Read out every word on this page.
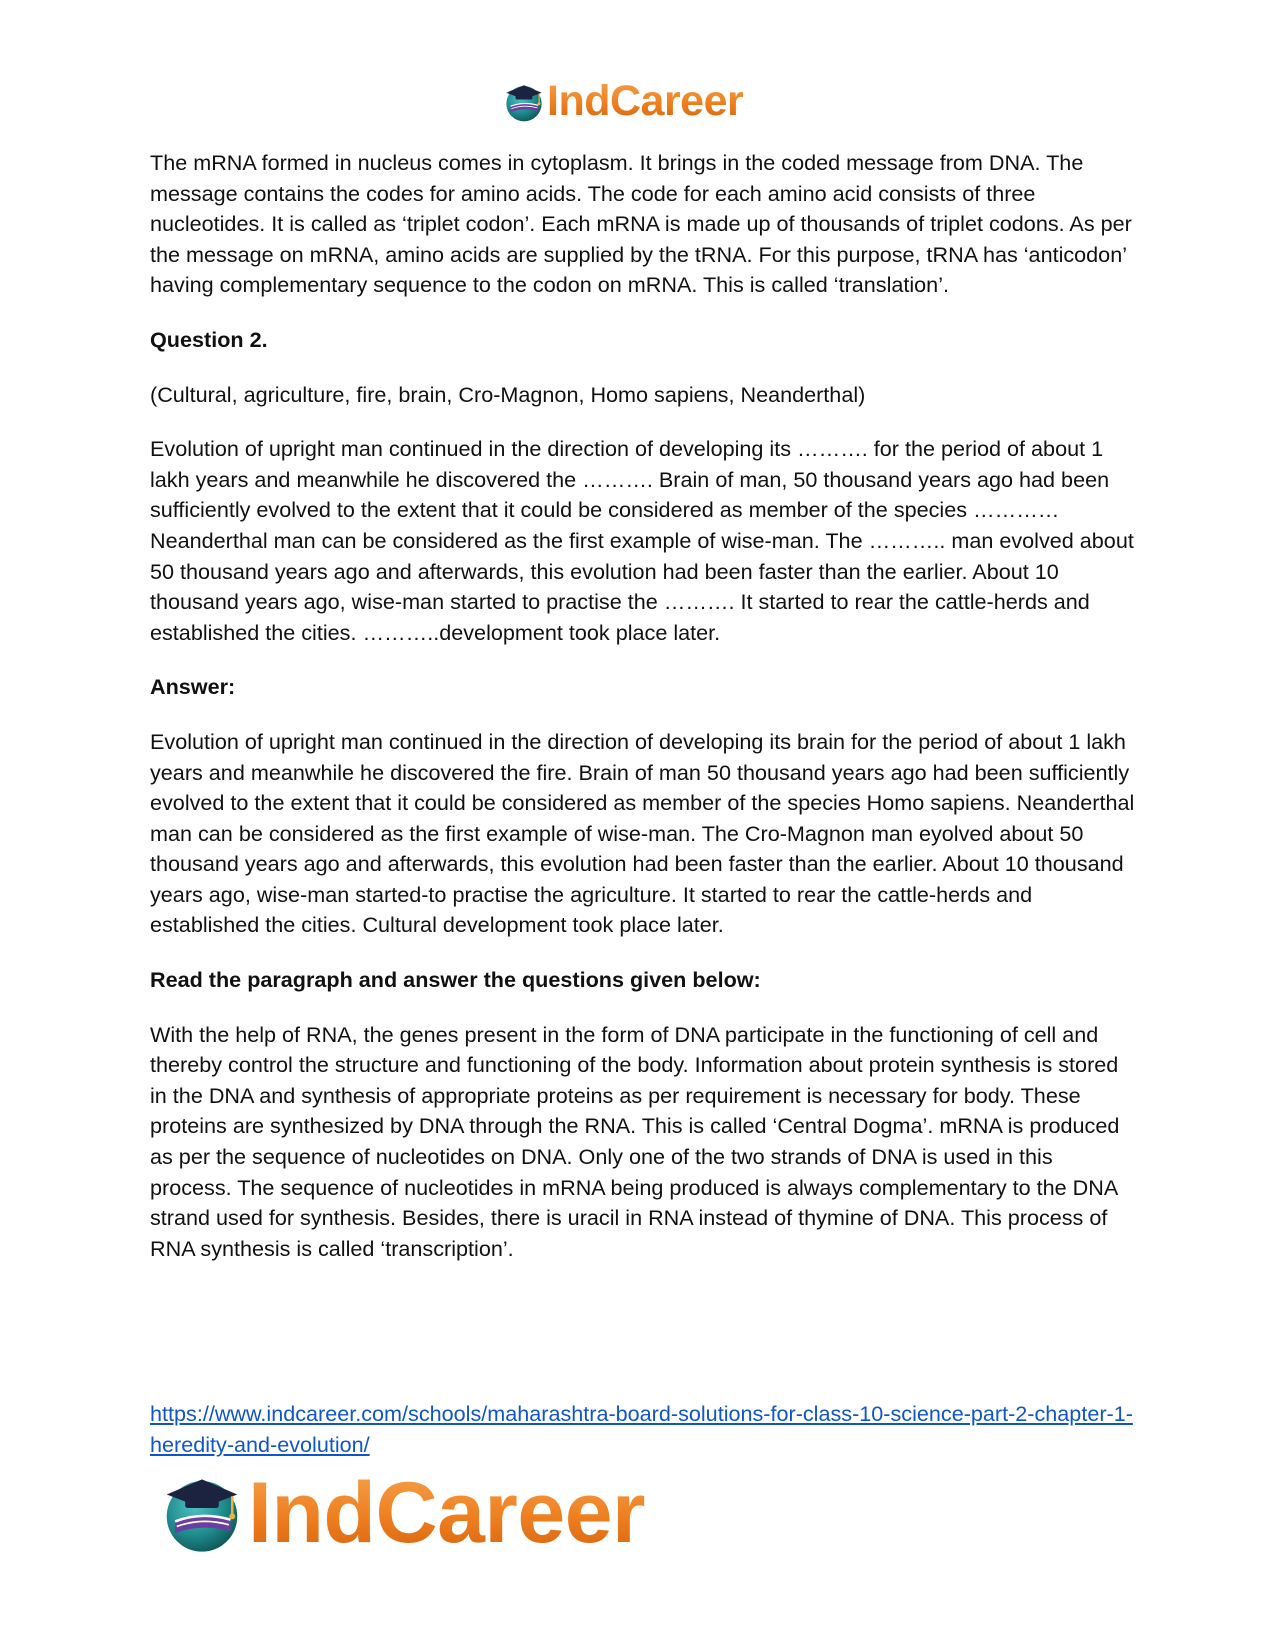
IndCareer

The mRNA formed in nucleus comes in cytoplasm. It brings in the coded message from DNA. The message contains the codes for amino acids. The code for each amino acid consists of three nucleotides. It is called as ‘triplet codon’. Each mRNA is made up of thousands of triplet codons. As per the message on mRNA, amino acids are supplied by the tRNA. For this purpose, tRNA has ‘anticodon’ having complementary sequence to the codon on mRNA. This is called ‘translation’.

Question 2.

(Cultural, agriculture, fire, brain, Cro-Magnon, Homo sapiens, Neanderthal)

Evolution of upright man continued in the direction of developing its ………. for the period of about 1 lakh years and meanwhile he discovered the ………. Brain of man, 50 thousand years ago had been sufficiently evolved to the extent that it could be considered as member of the species ………… Neanderthal man can be considered as the first example of wise-man. The ……….. man evolved about 50 thousand years ago and afterwards, this evolution had been faster than the earlier. About 10 thousand years ago, wise-man started to practise the ………. It started to rear the cattle-herds and established the cities. ………..development took place later.

Answer:

Evolution of upright man continued in the direction of developing its brain for the period of about 1 lakh years and meanwhile he discovered the fire. Brain of man 50 thousand years ago had been sufficiently evolved to the extent that it could be considered as member of the species Homo sapiens. Neanderthal man can be considered as the first example of wise-man. The Cro-Magnon man eyolved about 50 thousand years ago and afterwards, this evolution had been faster than the earlier. About 10 thousand years ago, wise-man started-to practise the agriculture. It started to rear the cattle-herds and established the cities. Cultural development took place later.

Read the paragraph and answer the questions given below:

With the help of RNA, the genes present in the form of DNA participate in the functioning of cell and thereby control the structure and functioning of the body. Information about protein synthesis is stored in the DNA and synthesis of appropriate proteins as per requirement is necessary for body. These proteins are synthesized by DNA through the RNA. This is called ‘Central Dogma’. mRNA is produced as per the sequence of nucleotides on DNA. Only one of the two strands of DNA is used in this process. The sequence of nucleotides in mRNA being produced is always complementary to the DNA strand used for synthesis. Besides, there is uracil in RNA instead of thymine of DNA. This process of RNA synthesis is called ‘transcription’.

https://www.indcareer.com/schools/maharashtra-board-solutions-for-class-10-science-part-2-chapter-1-heredity-and-evolution/
IndCareer
